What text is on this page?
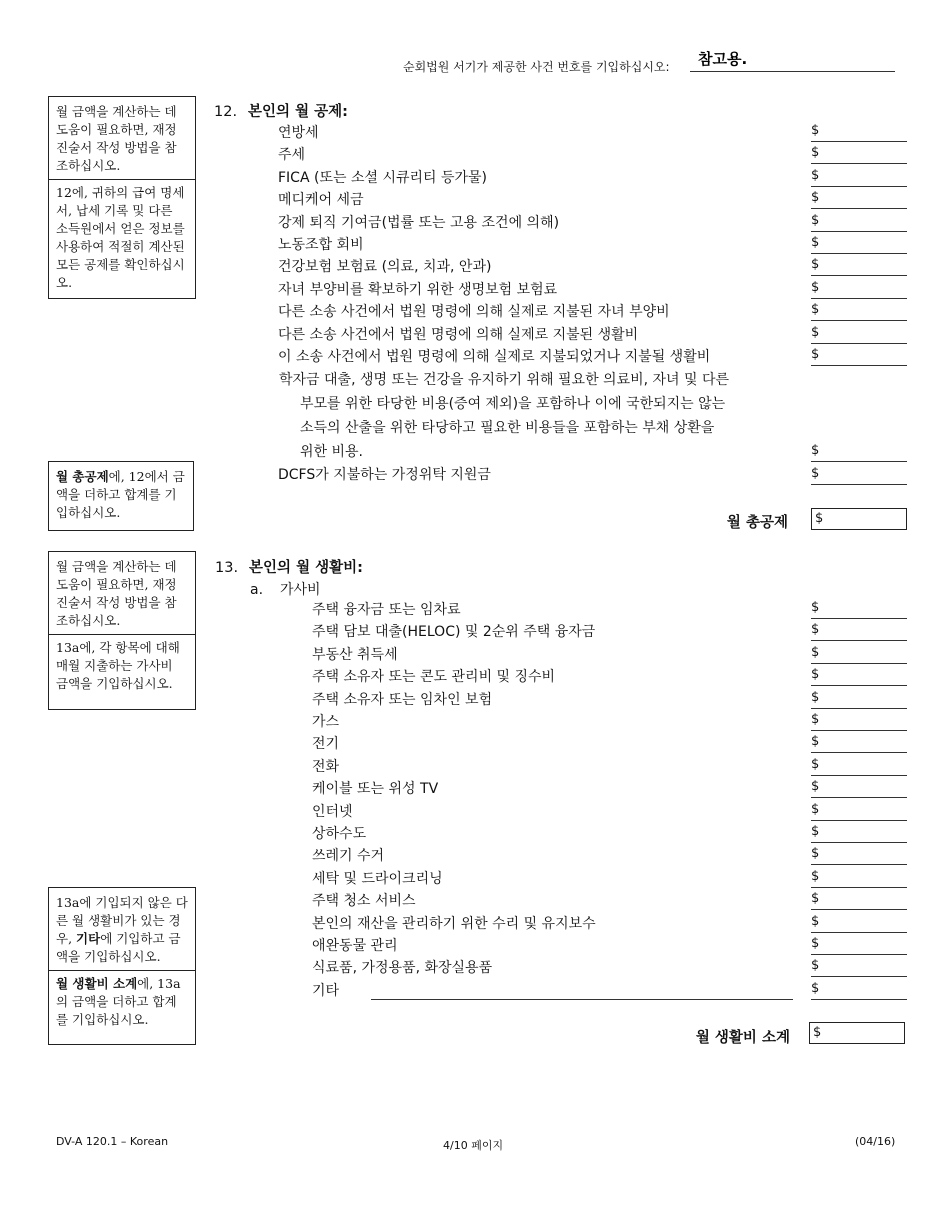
순회법원 서기가 제공한 사건 번호를 기입하십시오:
참고용.
월 금액을 계산하는 데 도움이 필요하면, 재정 진술서 작성 방법을 참조하십시오.
12에, 귀하의 급여 명세서, 납세 기록 및 다른 소득원에서 얻은 정보를 사용하여 적절히 계산된 모든 공제를 확인하십시오.
월 총공제에, 12에서 금액을 더하고 합계를 기입하십시오.
월 금액을 계산하는 데 도움이 필요하면, 재정 진술서 작성 방법을 참조하십시오.
13a에, 각 항목에 대해 매월 지출하는 가사비 금액을 기입하십시오.
13a에 기입되지 않은 다른 월 생활비가 있는 경우, 기타에 기입하고 금액을 기입하십시오.
월 생활비 소계에, 13a의 금액을 더하고 합계를 기입하십시오.
12. 본인의 월 공제:
연방세	$
주세	$
FICA (또는 소셜 시큐리티 등가물)	$
메디케어 세금	$
강제 퇴직 기여금(법률 또는 고용 조건에 의해)	$
노동조합 회비	$
건강보험 보험료 (의료, 치과, 안과)	$
자녀 부양비를 확보하기 위한 생명보험 보험료	$
다른 소송 사건에서 법원 명령에 의해 실제로 지불된 자녀 부양비	$
다른 소송 사건에서 법원 명령에 의해 실제로 지불된 생활비	$
이 소송 사건에서 법원 명령에 의해 실제로 지불되었거나 지불될 생활비	$
학자금 대출, 생명 또는 건강을 유지하기 위해 필요한 의료비, 자녀 및 다른
부모를 위한 타당한 비용(증여 제외)을 포함하나 이에 국한되지는 않는
소득의 산출을 위한 타당하고 필요한 비용들을 포함하는 부채 상환을
위한 비용.	$
DCFS가 지불하는 가정위탁 지원금	$
월 총공제	$
13. 본인의 월 생활비:
a. 가사비
주택 융자금 또는 임차료	$
주택 담보 대출(HELOC) 및 2순위 주택 융자금	$
부동산 취득세	$
주택 소유자 또는 콘도 관리비 및 징수비	$
주택 소유자 또는 임차인 보험	$
가스	$
전기	$
전화	$
케이블 또는 위성 TV	$
인터넷	$
상하수도	$
쓰레기 수거	$
세탁 및 드라이크리닝	$
주택 청소 서비스	$
본인의 재산을 관리하기 위한 수리 및 유지보수	$
애완동물 관리	$
식료품, 가정용품, 화장실용품	$
기타	$
월 생활비 소계	$
DV-A 120.1 – Korean	4/10 페이지	(04/16)
